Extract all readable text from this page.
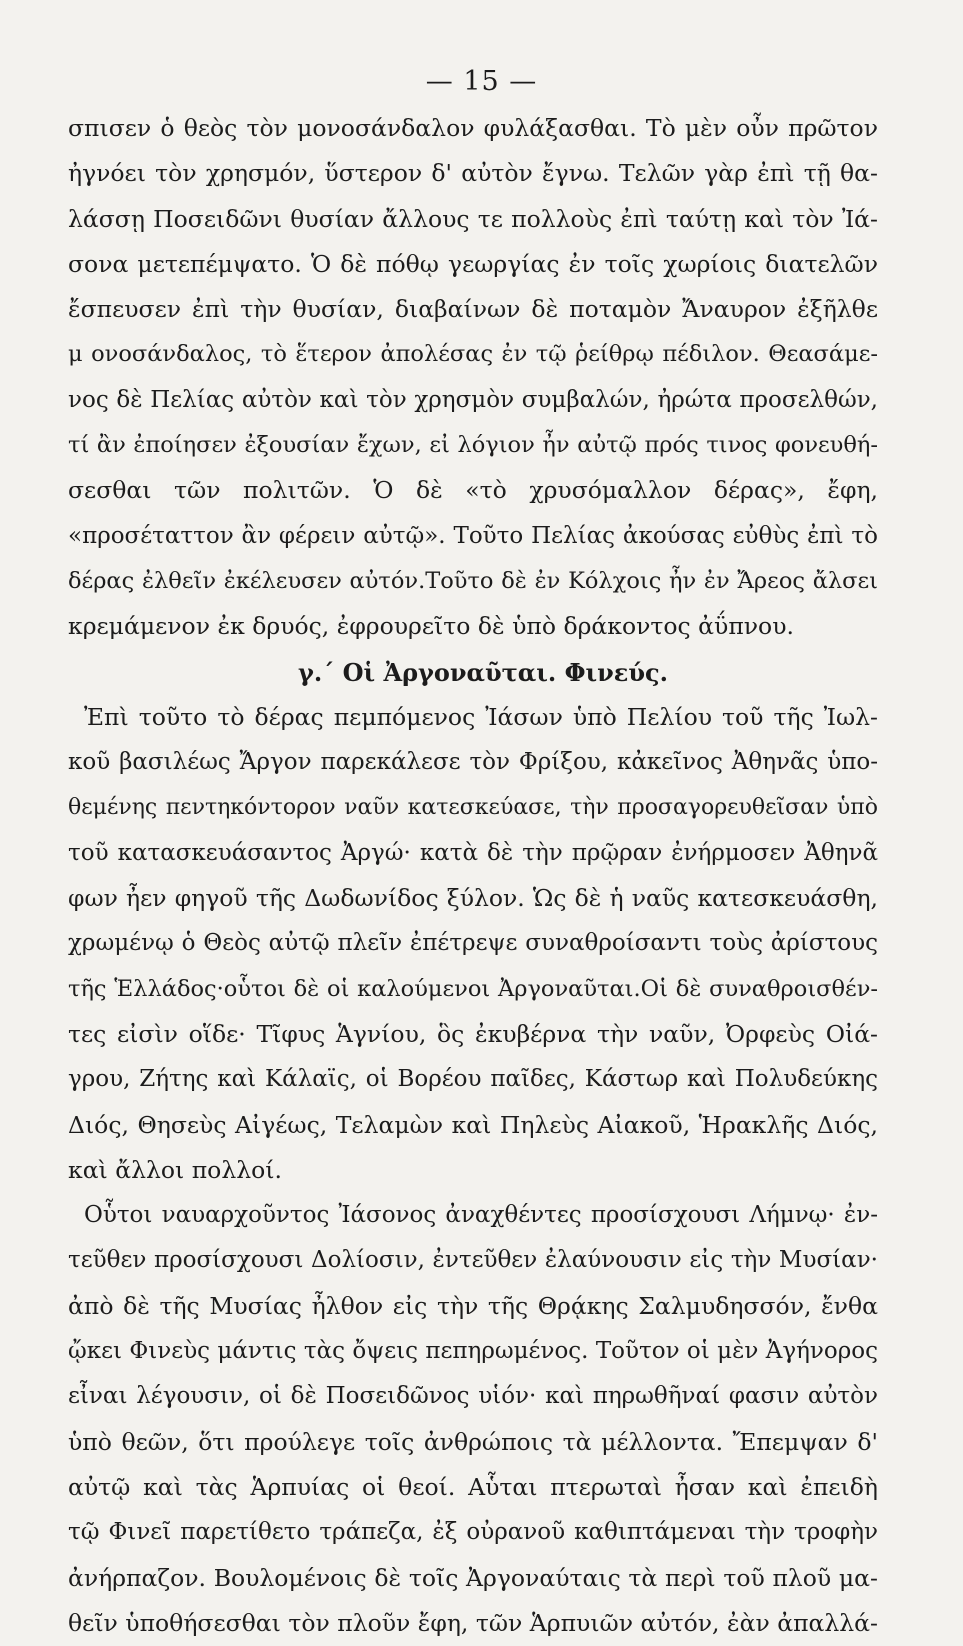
— 15 —
σπισεν ὁ θεὸς τὸν μονοσάνδαλον φυλάξασθαι. Τὸ μὲν οὖν πρῶτον
ἠγνόει τὸν χρησμόν, ὕστερον δ' αὐτὸν ἔγνω. Τελῶν γὰρ ἐπὶ τῇ θα-
λάσσῃ Ποσειδῶνι θυσίαν ἄλλους τε πολλοὺς ἐπὶ ταύτῃ καὶ τὸν Ἰά-
σονα μετεπέμψατο. Ὁ δὲ πόθῳ γεωργίας ἐν τοῖς χωρίοις διατελῶν
ἔσπευσεν ἐπὶ τὴν θυσίαν, διαβαίνων δὲ ποταμὸν Ἄναυρον ἐξῆλθε
μ ονοσάνδαλος, τὸ ἕτερον ἀπολέσας ἐν τῷ ῥείθρῳ πέδιλον. Θεασάμε-
νος δὲ Πελίας αὐτὸν καὶ τὸν χρησμὸν συμβαλών, ἠρώτα προσελθών,
τί ἂν ἐποίησεν ἐξουσίαν ἔχων, εἰ λόγιον ἦν αὐτῷ πρός τινος φονευθή-
σεσθαι τῶν πολιτῶν. Ὁ δὲ «τὸ χρυσόμαλλον δέρας», ἔφη,
«προσέταττον ἂν φέρειν αὐτῷ». Τοῦτο Πελίας ἀκούσας εὐθὺς ἐπὶ τὸ
δέρας ἐλθεῖν ἐκέλευσεν αὐτόν.Τοῦτο δὲ ἐν Κόλχοις ἦν ἐν Ἄρεος ἄλσει
κρεμάμενον ἐκ δρυός, ἐφρουρεῖτο δὲ ὑπὸ δράκοντος ἀΰπνου.
γ.΄ Οἱ Ἀργοναῦται. Φινεύς.
Ἐπὶ τοῦτο τὸ δέρας πεμπόμενος Ἰάσων ὑπὸ Πελίου τοῦ τῆς Ἰωλ-
κοῦ βασιλέως Ἄργον παρεκάλεσε τὸν Φρίξου, κἀκεῖνος Ἀθηνᾶς ὑπο-
θεμένης πεντηκόντορον ναῦν κατεσκεύασε, τὴν προσαγορευθεῖσαν ὑπὸ
τοῦ κατασκευάσαντος Ἀργώ· κατὰ δὲ τὴν πρῷραν ἐνήρμοσεν Ἀθηνᾶ
φων ἦεν φηγοῦ τῆς Δωδωνίδος ξύλον. Ὡς δὲ ἡ ναῦς κατεσκευάσθη,
χρωμένῳ ὁ Θεὸς αὐτῷ πλεῖν ἐπέτρεψε συναθροίσαντι τοὺς ἀρίστους
τῆς Ἑλλάδος·οὗτοι δὲ οἱ καλούμενοι Ἀργοναῦται.Οἱ δὲ συναθροισθέν-
τες εἰσὶν οἵδε· Τῖφυς Ἁγνίου, ὃς ἐκυβέρνα τὴν ναῦν, Ὀρφεὺς Οἰά-
γρου, Ζήτης καὶ Κάλαϊς, οἱ Βορέου παῖδες, Κάστωρ καὶ Πολυδεύκης
Διός, Θησεὺς Αἰγέως, Τελαμὼν καὶ Πηλεὺς Αἰακοῦ, Ἡρακλῆς Διός,
καὶ ἄλλοι πολλοί.
Οὗτοι ναυαρχοῦντος Ἰάσονος ἀναχθέντες προσίσχουσι Λήμνῳ· ἐν-
τεῦθεν προσίσχουσι Δολίοσιν, ἐντεῦθεν ἐλαύνουσιν εἰς τὴν Μυσίαν·
ἀπὸ δὲ τῆς Μυσίας ἦλθον εἰς τὴν τῆς Θρᾴκης Σαλμυδησσόν, ἔνθα
ᾤκει Φινεὺς μάντις τὰς ὄψεις πεπηρωμένος. Τοῦτον οἱ μὲν Ἀγήνορος
εἶναι λέγουσιν, οἱ δὲ Ποσειδῶνος υἱόν· καὶ πηρωθῆναί φασιν αὐτὸν
ὑπὸ θεῶν, ὅτι προύλεγε τοῖς ἀνθρώποις τὰ μέλλοντα. Ἔπεμψαν δ'
αὐτῷ καὶ τὰς Ἁρπυίας οἱ θεοί. Αὗται πτερωταὶ ἦσαν καὶ ἐπειδὴ
τῷ Φινεῖ παρετίθετο τράπεζα, ἐξ οὐρανοῦ καθιπτάμεναι τὴν τροφὴν
ἀνήρπαζον. Βουλομένοις δὲ τοῖς Ἀργοναύταις τὰ περὶ τοῦ πλοῦ μα-
θεῖν ὑποθήσεσθαι τὸν πλοῦν ἔφη, τῶν Ἁρπυιῶν αὐτόν, ἐὰν ἀπαλλά-
